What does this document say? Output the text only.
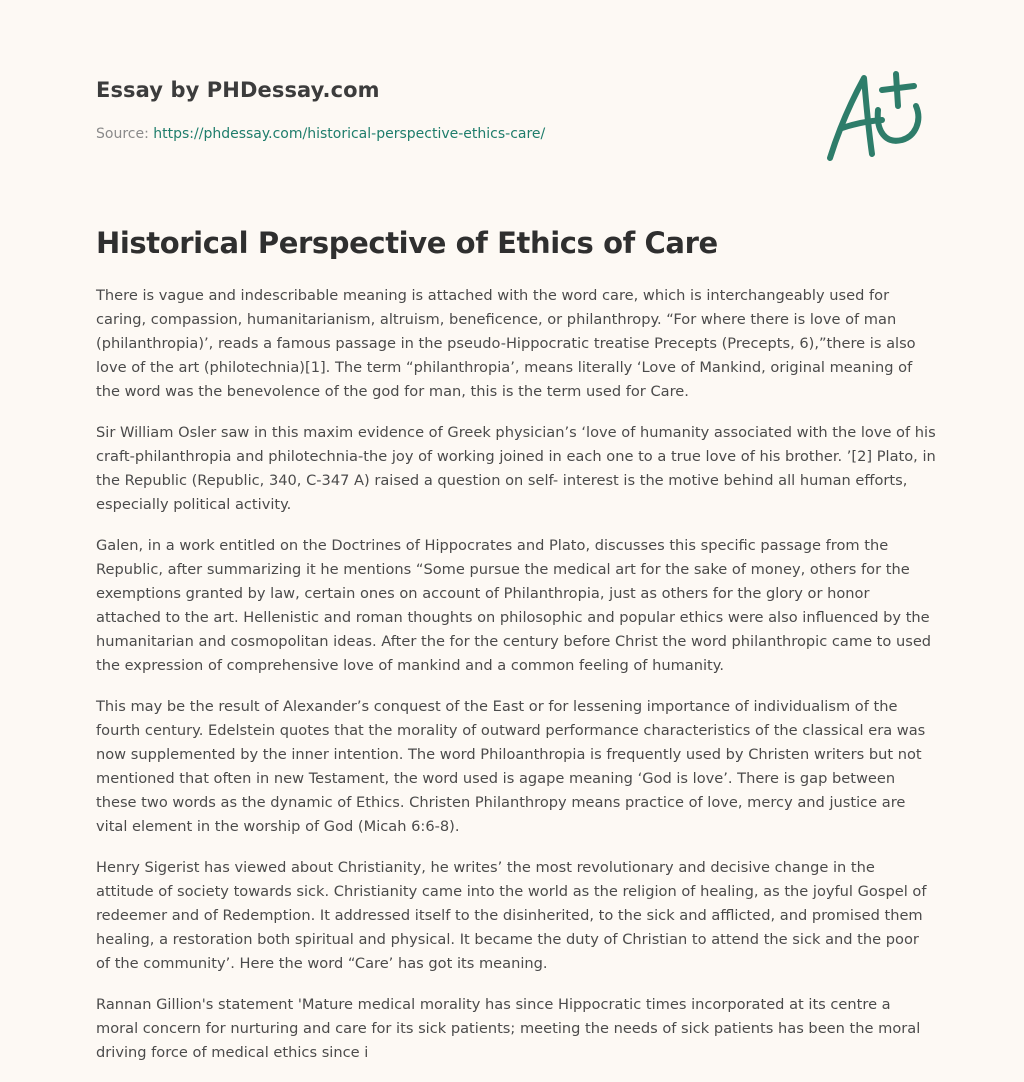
Essay by PHDessay.com
Source: https://phdessay.com/historical-perspective-ethics-care/
Historical Perspective of Ethics of Care

There is vague and indescribable meaning is attached with the word care, which is interchangeably used for caring, compassion, humanitarianism, altruism, beneficence, or philanthropy. “For where there is love of man (philanthropia)’, reads a famous passage in the pseudo-Hippocratic treatise Precepts (Precepts, 6),”there is also love of the art (philotechnia)[1]. The term “philanthropia’, means literally ‘Love of Mankind, original meaning of the word was the benevolence of the god for man, this is the term used for Care.

Sir William Osler saw in this maxim evidence of Greek physician’s ‘love of humanity associated with the love of his craft-philanthropia and philotechnia-the joy of working joined in each one to a true love of his brother. ’[2] Plato, in the Republic (Republic, 340, C-347 A) raised a question on self- interest is the motive behind all human efforts, especially political activity.

Galen, in a work entitled on the Doctrines of Hippocrates and Plato, discusses this specific passage from the Republic, after summarizing it he mentions “Some pursue the medical art for the sake of money, others for the exemptions granted by law, certain ones on account of Philanthropia, just as others for the glory or honor attached to the art. Hellenistic and roman thoughts on philosophic and popular ethics were also influenced by the humanitarian and cosmopolitan ideas. After the for the century before Christ the word philanthropic came to used the expression of comprehensive love of mankind and a common feeling of humanity.

This may be the result of Alexander’s conquest of the East or for lessening importance of individualism of the fourth century. Edelstein quotes that the morality of outward performance characteristics of the classical era was now supplemented by the inner intention. The word Philoanthropia is frequently used by Christen writers but not mentioned that often in new Testament, the word used is agape meaning ‘God is love’. There is gap between these two words as the dynamic of Ethics. Christen Philanthropy means practice of love, mercy and justice are vital element in the worship of God (Micah 6:6-8).

Henry Sigerist has viewed about Christianity, he writes’ the most revolutionary and decisive change in the attitude of society towards sick. Christianity came into the world as the religion of healing, as the joyful Gospel of redeemer and of Redemption. It addressed itself to the disinherited, to the sick and afflicted, and promised them healing, a restoration both spiritual and physical. It became the duty of Christian to attend the sick and the poor of the community’. Here the word “Care’ has got its meaning.

Rannan Gillion's statement 'Mature medical morality has since Hippocratic times incorporated at its centre a moral concern for nurturing and care for its sick patients; meeting the needs of sick patients has been the moral driving force of medical ethics since i
